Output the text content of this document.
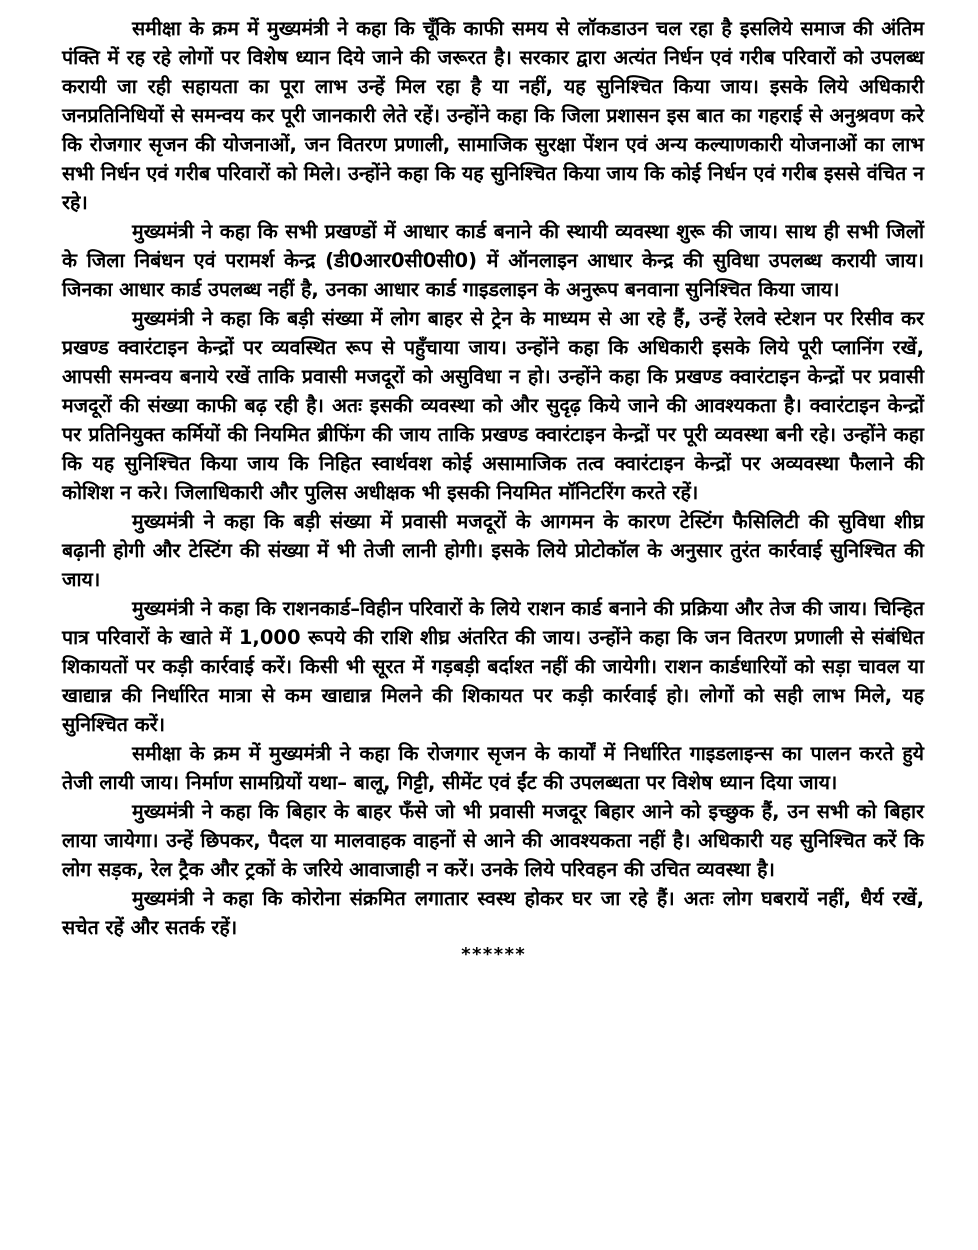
समीक्षा के क्रम में मुख्यमंत्री ने कहा कि चूँकि काफी समय से लॉकडाउन चल रहा है इसलिये समाज की अंतिम पंक्ति में रह रहे लोगों पर विशेष ध्यान दिये जाने की जरूरत है। सरकार द्वारा अत्यंत निर्धन एवं गरीब परिवारों को उपलब्ध करायी जा रही सहायता का पूरा लाभ उन्हें मिल रहा है या नहीं, यह सुनिश्चित किया जाय। इसके लिये अधिकारी जनप्रतिनिधियों से समन्वय कर पूरी जानकारी लेते रहें। उन्होंने कहा कि जिला प्रशासन इस बात का गहराई से अनुश्रवण करे कि रोजगार सृजन की योजनाओं, जन वितरण प्रणाली, सामाजिक सुरक्षा पेंशन एवं अन्य कल्याणकारी योजनाओं का लाभ सभी निर्धन एवं गरीब परिवारों को मिले। उन्होंने कहा कि यह सुनिश्चित किया जाय कि कोई निर्धन एवं गरीब इससे वंचित न रहे।

मुख्यमंत्री ने कहा कि सभी प्रखण्डों में आधार कार्ड बनाने की स्थायी व्यवस्था शुरू की जाय। साथ ही सभी जिलों के जिला निबंधन एवं परामर्श केन्द्र (डी0आर0सी0सी0) में ऑनलाइन आधार केन्द्र की सुविधा उपलब्ध करायी जाय। जिनका आधार कार्ड उपलब्ध नहीं है, उनका आधार कार्ड गाइडलाइन के अनुरूप बनवाना सुनिश्चित किया जाय।

मुख्यमंत्री ने कहा कि बड़ी संख्या में लोग बाहर से ट्रेन के माध्यम से आ रहे हैं, उन्हें रेलवे स्टेशन पर रिसीव कर प्रखण्ड क्वारंटाइन केन्द्रों पर व्यवस्थित रूप से पहुँचाया जाय। उन्होंने कहा कि अधिकारी इसके लिये पूरी प्लानिंग रखें, आपसी समन्वय बनाये रखें ताकि प्रवासी मजदूरों को असुविधा न हो। उन्होंने कहा कि प्रखण्ड क्वारंटाइन केन्द्रों पर प्रवासी मजदूरों की संख्या काफी बढ़ रही है। अतः इसकी व्यवस्था को और सुदृढ़ किये जाने की आवश्यकता है। क्वारंटाइन केन्द्रों पर प्रतिनियुक्त कर्मियों की नियमित ब्रीफिंग की जाय ताकि प्रखण्ड क्वारंटाइन केन्द्रों पर पूरी व्यवस्था बनी रहे। उन्होंने कहा कि यह सुनिश्चित किया जाय कि निहित स्वार्थवश कोई असामाजिक तत्व क्वारंटाइन केन्द्रों पर अव्यवस्था फैलाने की कोशिश न करे। जिलाधिकारी और पुलिस अधीक्षक भी इसकी नियमित मॉनिटरिंग करते रहें।

मुख्यमंत्री ने कहा कि बड़ी संख्या में प्रवासी मजदूरों के आगमन के कारण टेस्टिंग फैसिलिटी की सुविधा शीघ्र बढ़ानी होगी और टेस्टिंग की संख्या में भी तेजी लानी होगी। इसके लिये प्रोटोकॉल के अनुसार तुरंत कार्रवाई सुनिश्चित की जाय।

मुख्यमंत्री ने कहा कि राशनकार्ड–विहीन परिवारों के लिये राशन कार्ड बनाने की प्रक्रिया और तेज की जाय। चिन्हित पात्र परिवारों के खाते में 1,000 रूपये की राशि शीघ्र अंतरित की जाय। उन्होंने कहा कि जन वितरण प्रणाली से संबंधित शिकायतों पर कड़ी कार्रवाई करें। किसी भी सूरत में गड़बड़ी बर्दाश्त नहीं की जायेगी। राशन कार्डधारियों को सड़ा चावल या खाद्यान्न की निर्धारित मात्रा से कम खाद्यान्न मिलने की शिकायत पर कड़ी कार्रवाई हो। लोगों को सही लाभ मिले, यह सुनिश्चित करें।

समीक्षा के क्रम में मुख्यमंत्री ने कहा कि रोजगार सृजन के कार्यों में निर्धारित गाइडलाइन्स का पालन करते हुये तेजी लायी जाय। निर्माण सामग्रियों यथा– बालू, गिट्टी, सीमेंट एवं ईंट की उपलब्धता पर विशेष ध्यान दिया जाय।

मुख्यमंत्री ने कहा कि बिहार के बाहर फँसे जो भी प्रवासी मजदूर बिहार आने को इच्छुक हैं, उन सभी को बिहार लाया जायेगा। उन्हें छिपकर, पैदल या मालवाहक वाहनों से आने की आवश्यकता नहीं है। अधिकारी यह सुनिश्चित करें कि लोग सड़क, रेल ट्रैक और ट्रकों के जरिये आवाजाही न करें। उनके लिये परिवहन की उचित व्यवस्था है।

मुख्यमंत्री ने कहा कि कोरोना संक्रमित लगातार स्वस्थ होकर घर जा रहे हैं। अतः लोग घबरायें नहीं, धैर्य रखें, सचेत रहें और सतर्क रहें।

******
